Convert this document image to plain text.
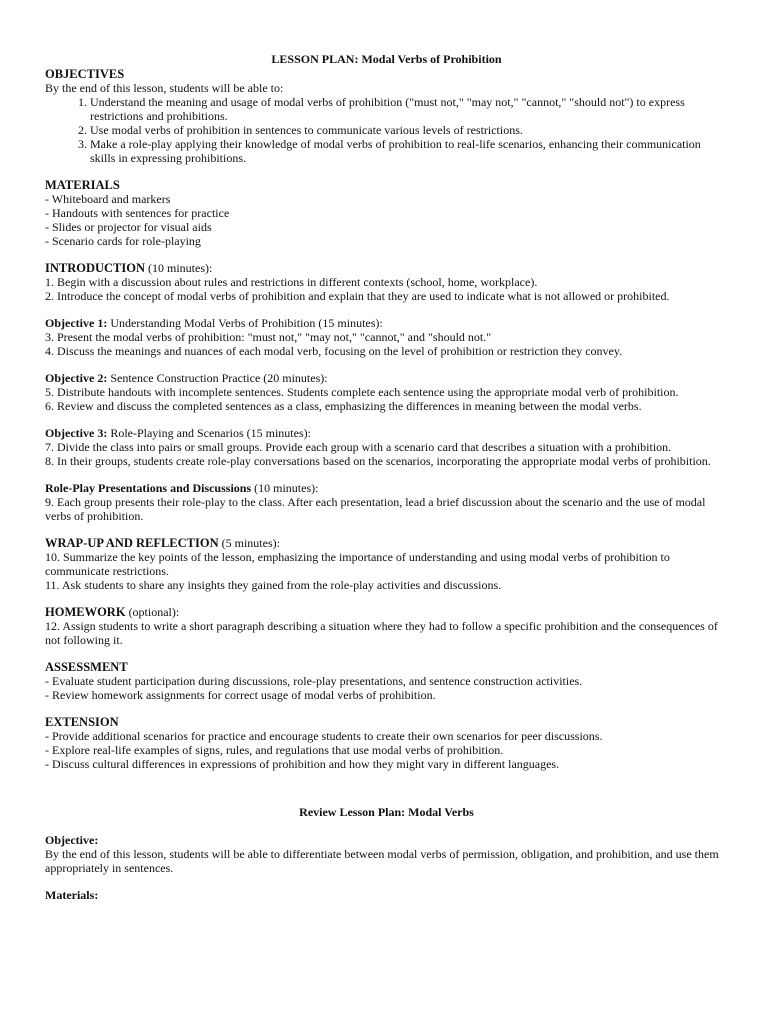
LESSON PLAN: Modal Verbs of Prohibition
OBJECTIVES
By the end of this lesson, students will be able to:
1. Understand the meaning and usage of modal verbs of prohibition ("must not," "may not," "cannot," "should not") to express restrictions and prohibitions.
2. Use modal verbs of prohibition in sentences to communicate various levels of restrictions.
3. Make a role-play applying their knowledge of modal verbs of prohibition to real-life scenarios, enhancing their communication skills in expressing prohibitions.
MATERIALS
- Whiteboard and markers
- Handouts with sentences for practice
- Slides or projector for visual aids
- Scenario cards for role-playing
INTRODUCTION (10 minutes):
1. Begin with a discussion about rules and restrictions in different contexts (school, home, workplace).
2. Introduce the concept of modal verbs of prohibition and explain that they are used to indicate what is not allowed or prohibited.
Objective 1: Understanding Modal Verbs of Prohibition (15 minutes):
3. Present the modal verbs of prohibition: "must not," "may not," "cannot," and "should not."
4. Discuss the meanings and nuances of each modal verb, focusing on the level of prohibition or restriction they convey.
Objective 2: Sentence Construction Practice (20 minutes):
5. Distribute handouts with incomplete sentences. Students complete each sentence using the appropriate modal verb of prohibition.
6. Review and discuss the completed sentences as a class, emphasizing the differences in meaning between the modal verbs.
Objective 3: Role-Playing and Scenarios (15 minutes):
7. Divide the class into pairs or small groups. Provide each group with a scenario card that describes a situation with a prohibition.
8. In their groups, students create role-play conversations based on the scenarios, incorporating the appropriate modal verbs of prohibition.
Role-Play Presentations and Discussions (10 minutes):
9. Each group presents their role-play to the class. After each presentation, lead a brief discussion about the scenario and the use of modal verbs of prohibition.
WRAP-UP AND REFLECTION (5 minutes):
10. Summarize the key points of the lesson, emphasizing the importance of understanding and using modal verbs of prohibition to communicate restrictions.
11. Ask students to share any insights they gained from the role-play activities and discussions.
HOMEWORK (optional):
12. Assign students to write a short paragraph describing a situation where they had to follow a specific prohibition and the consequences of not following it.
ASSESSMENT
- Evaluate student participation during discussions, role-play presentations, and sentence construction activities.
- Review homework assignments for correct usage of modal verbs of prohibition.
EXTENSION
- Provide additional scenarios for practice and encourage students to create their own scenarios for peer discussions.
- Explore real-life examples of signs, rules, and regulations that use modal verbs of prohibition.
- Discuss cultural differences in expressions of prohibition and how they might vary in different languages.
Review Lesson Plan: Modal Verbs
Objective:
By the end of this lesson, students will be able to differentiate between modal verbs of permission, obligation, and prohibition, and use them appropriately in sentences.
Materials:
